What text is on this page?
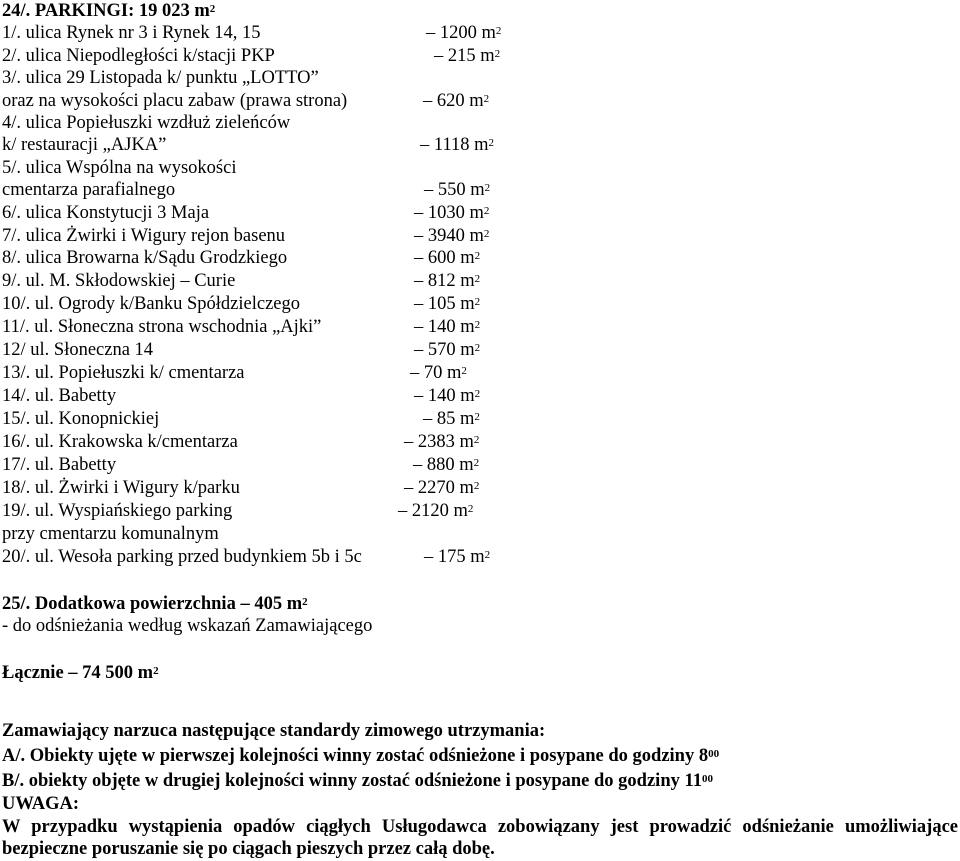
24/. PARKINGI: 19 023 $m^2$
1/. ulica Rynek nr 3 i Rynek 14, 15	– 1200 $m^2$
2/. ulica Niepodległości k/stacji PKP	– 215 $m^2$
3/. ulica 29 Listopada k/ punktu „LOTTO”
oraz na wysokości placu zabaw (prawa strona)	– 620 $m^2$
4/. ulica Popiełuszki wzdłuż zieleńców
k/ restauracji „AJKA”	– 1118 $m^2$
5/. ulica Wspólna na wysokości
cmentarza parafialnego	– 550 $m^2$
6/. ulica Konstytucji 3 Maja	– 1030 $m^2$
7/. ulica Żwirki i Wigury rejon basenu	– 3940 $m^2$
8/. ulica Browarna k/Sądu Grodzkiego	– 600 $m^2$
9/. ul. M. Skłodowskiej – Curie	– 812 $m^2$
10/. ul. Ogrody k/Banku Spółdzielczego	– 105 $m^2$
11/. ul. Słoneczna strona wschodnia „Ajki”	– 140 $m^2$
12/ ul. Słoneczna 14	– 570 $m^2$
13/. ul. Popiełuszki k/ cmentarza	– 70 $m^2$
14/. ul. Babetty	– 140 $m^2$
15/. ul. Konopnickiej	– 85 $m^2$
16/. ul. Krakowska k/cmentarza	– 2383 $m^2$
17/. ul. Babetty	– 880 $m^2$
18/. ul. Żwirki i Wigury k/parku	– 2270 $m^2$
19/. ul. Wyspiańskiego parking	– 2120 $m^2$
przy cmentarzu komunalnym
20/. ul. Wesoła parking przed budynkiem 5b i 5c	– 175 $m^2$
25/. Dodatkowa powierzchnia – 405 $m^2$
- do odśnieżania według wskazań Zamawiającego
Łącznie – 74 500 $m^2$
Zamawiający narzuca następujące standardy zimowego utrzymania:
A/. Obiekty ujęte w pierwszej kolejności winny zostać odśnieżone i posypane do godziny $8^{00}$
B/. obiekty objęte w drugiej kolejności winny zostać odśnieżone i posypane do godziny $11^{00}$
UWAGA:
W przypadku wystąpienia opadów ciągłych Usługodawca zobowiązany jest prowadzić odśnieżanie umożliwiające
bezpieczne poruszanie się po ciągach pieszych przez całą dobę.
